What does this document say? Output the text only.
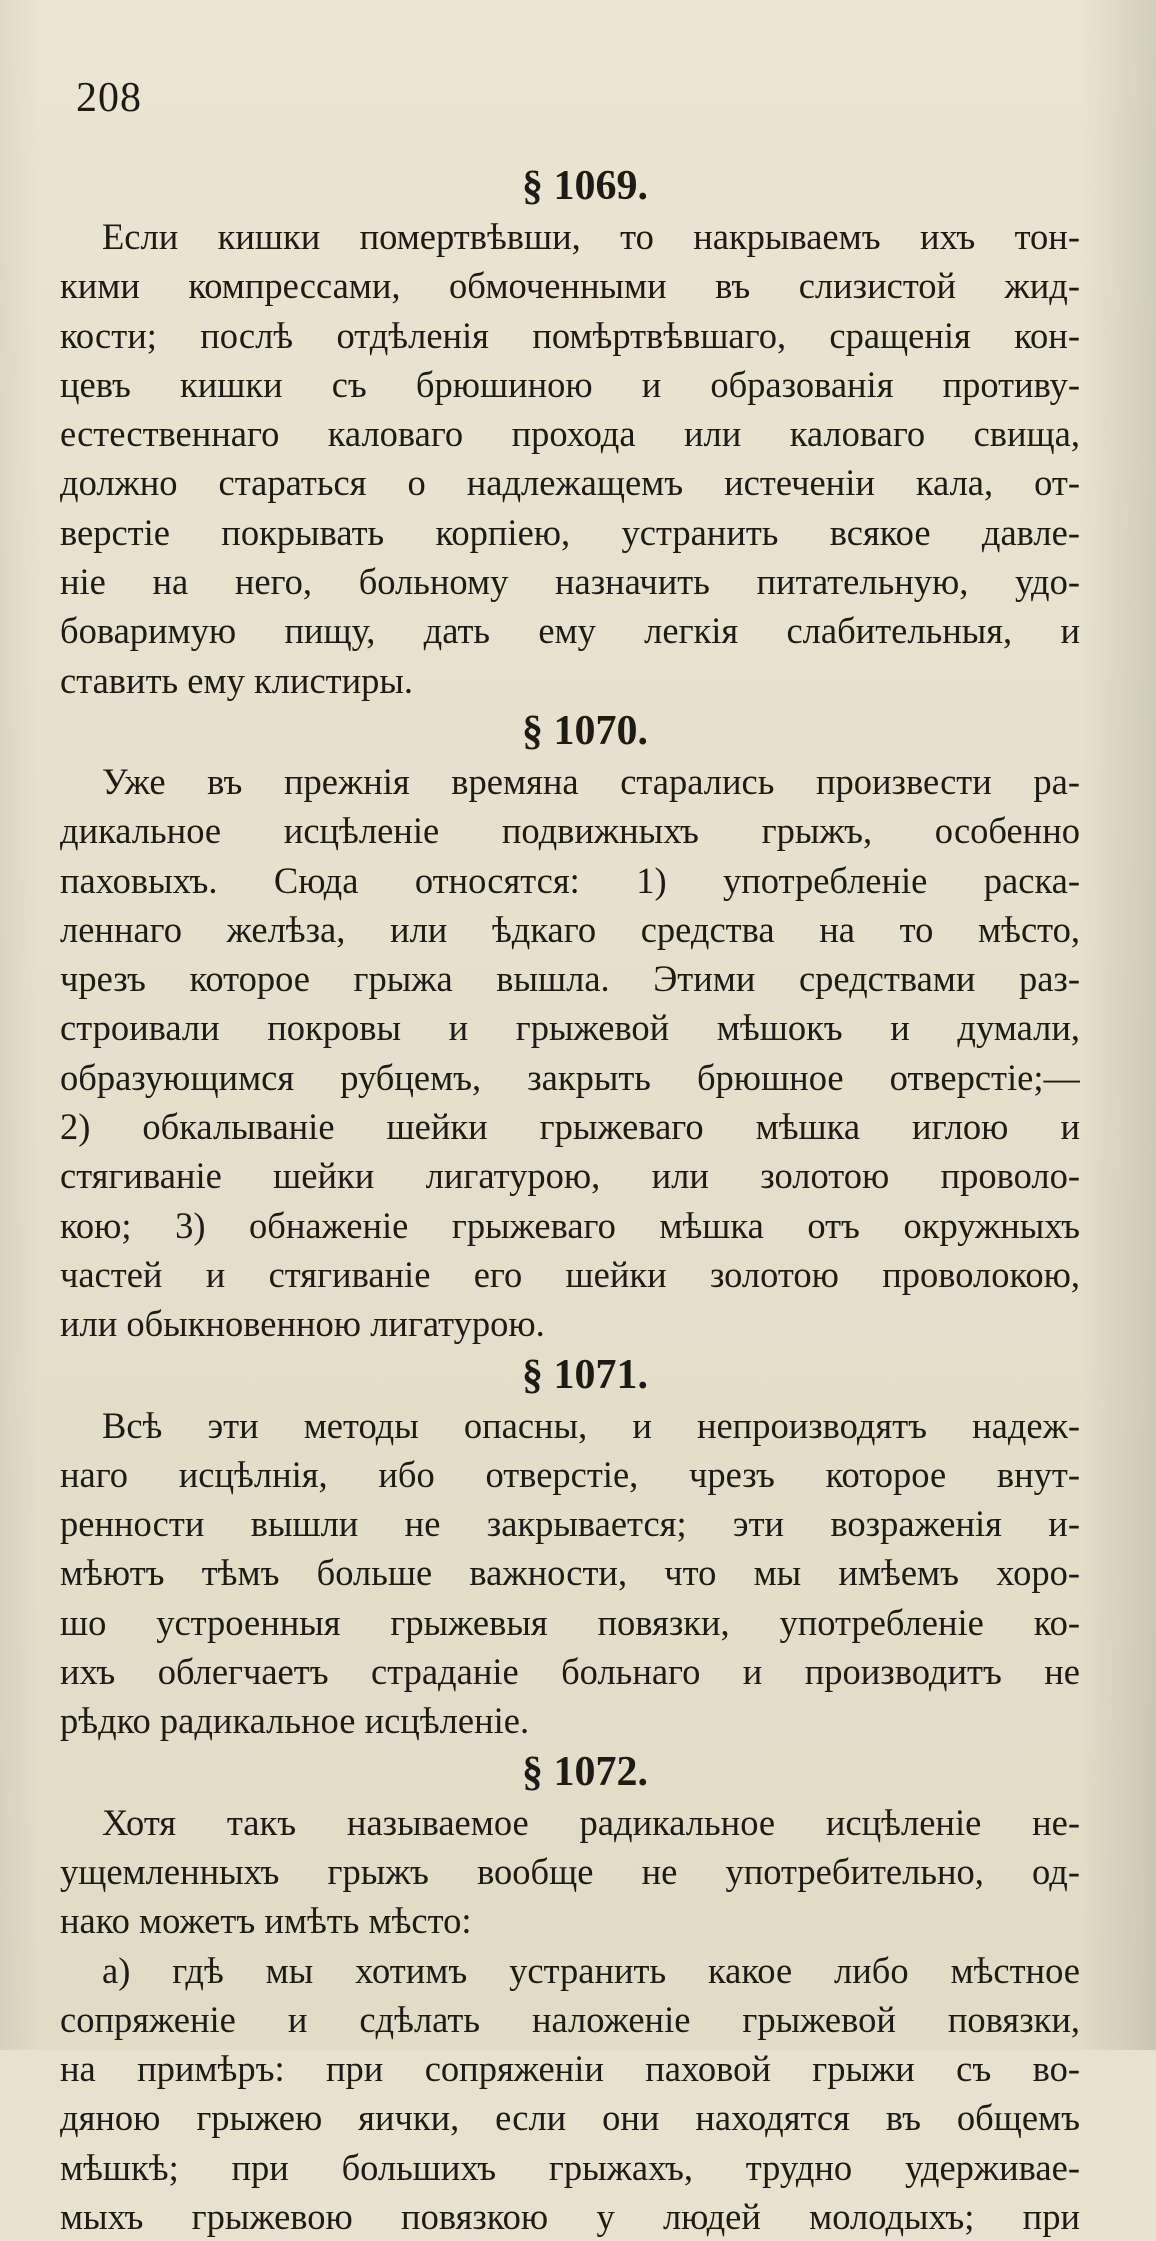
208
§ 1069.
Если кишки помертвѣвши, то накрываемъ ихъ тон-
кими компрессами, обмоченными въ слизистой жид-
кости; послѣ отдѣленія помѣртвѣвшаго, сращенія кон-
цевъ кишки съ брюшиною и образованія противу-
естественнаго каловаго прохода или каловаго свища,
должно стараться о надлежащемъ истеченіи кала, от-
верстіе покрывать корпіею, устранить всякое давле-
ніе на него, больному назначить питательную, удо-
боваримую пищу, дать ему легкія слабительныя, и
ставить ему клистиры.
§ 1070.
Уже въ прежнія времяна старались произвести ра-
дикальное исцѣленіе подвижныхъ грыжъ, особенно
паховыхъ. Сюда относятся: 1) употребленіе раска-
леннаго желѣза, или ѣдкаго средства на то мѣсто,
чрезъ которое грыжа вышла. Этими средствами раз-
строивали покровы и грыжевой мѣшокъ и думали,
образующимся рубцемъ, закрыть брюшное отверстіе;—
2) обкалываніе шейки грыжеваго мѣшка иглою и
стягиваніе шейки лигатурою, или золотою проволо-
кою; 3) обнаженіе грыжеваго мѣшка отъ окружныхъ
частей и стягиваніе его шейки золотою проволокою,
или обыкновенною лигатурою.
§ 1071.
Всѣ эти методы опасны, и непроизводятъ надеж-
наго исцѣлнія, ибо отверстіе, чрезъ которое внут-
ренности вышли не закрывается; эти возраженія и-
мѣютъ тѣмъ больше важности, что мы имѣемъ хоро-
шо устроенныя грыжевыя повязки, употребленіе ко-
ихъ облегчаетъ страданіе больнаго и производитъ не
рѣдко радикальное исцѣленіе.
§ 1072.
Хотя такъ называемое радикальное исцѣленіе не-
ущемленныхъ грыжъ вообще не употребительно, од-
нако можетъ имѣть мѣсто:
a) гдѣ мы хотимъ устранить какое либо мѣстное
сопряженіе и сдѣлать наложеніе грыжевой повязки,
на примѣръ: при сопряженіи паховой грыжи съ во-
дяною грыжею яички, если они находятся въ общемъ
мѣшкѣ; при большихъ грыжахъ, трудно удерживае-
мыхъ грыжевою повязкою у людей молодыхъ; при
